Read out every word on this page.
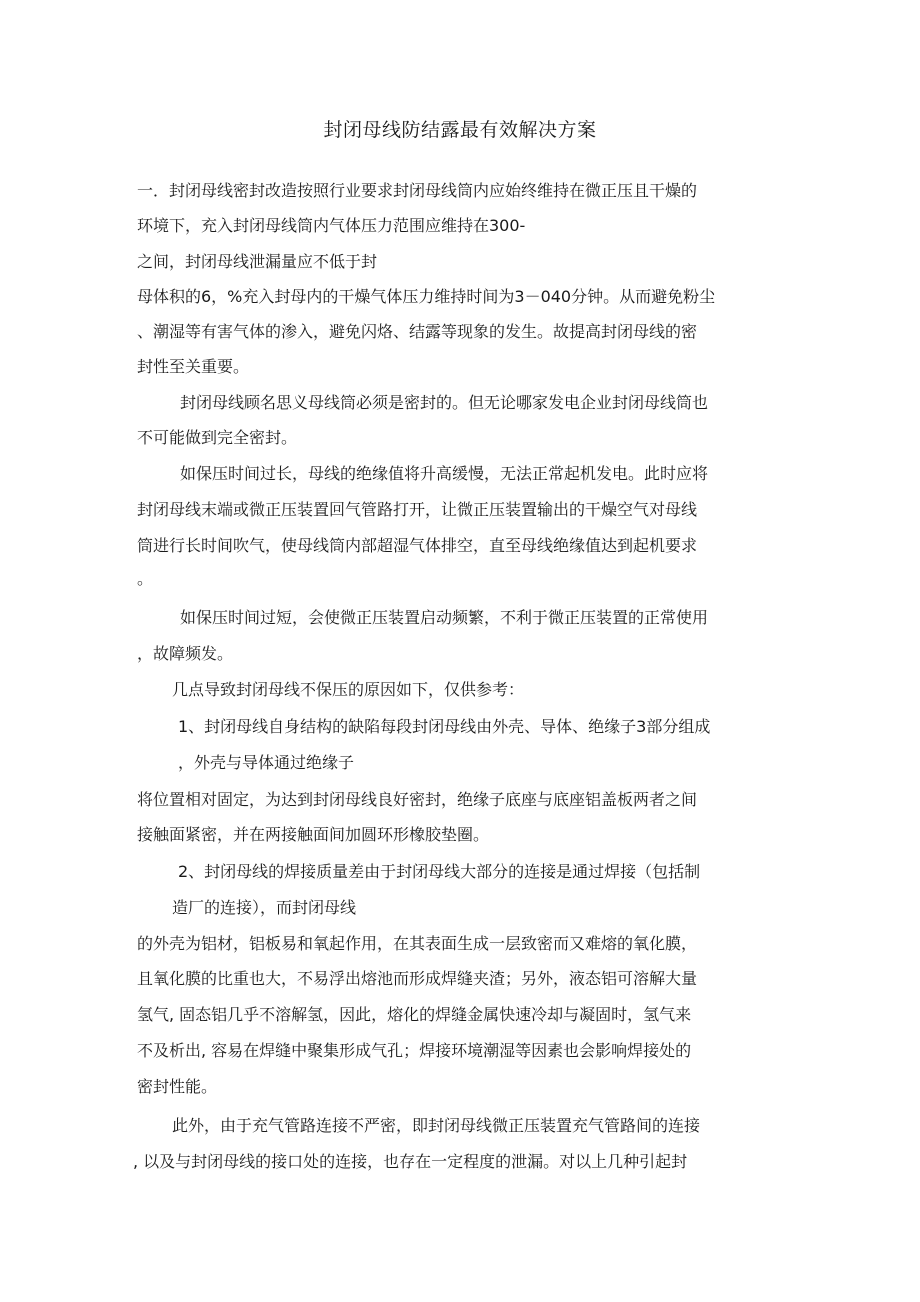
封闭母线防结露最有效解决方案
一．封闭母线密封改造按照行业要求封闭母线筒内应始终维持在微正压且干燥的
环境下，充入封闭母线筒内气体压力范围应维持在300-
之间，封闭母线泄漏量应不低于封
母体积的6，%充入封母内的干燥气体压力维持时间为3－040分钟。从而避免粉尘
、潮湿等有害气体的渗入，避免闪烙、结露等现象的发生。故提高封闭母线的密
封性至关重要。
封闭母线顾名思义母线筒必须是密封的。但无论哪家发电企业封闭母线筒也
不可能做到完全密封。
如保压时间过长，母线的绝缘值将升高缓慢，无法正常起机发电。此时应将
封闭母线末端或微正压装置回气管路打开，让微正压装置输出的干燥空气对母线
筒进行长时间吹气，使母线筒内部超湿气体排空，直至母线绝缘值达到起机要求
。
如保压时间过短，会使微正压装置启动频繁，不利于微正压装置的正常使用
，故障频发。
几点导致封闭母线不保压的原因如下，仅供参考：
1、封闭母线自身结构的缺陷每段封闭母线由外壳、导体、绝缘子3部分组成
，外壳与导体通过绝缘子
将位置相对固定，为达到封闭母线良好密封，绝缘子底座与底座铝盖板两者之间
接触面紧密，并在两接触面间加圆环形橡胶垫圈。
2、封闭母线的焊接质量差由于封闭母线大部分的连接是通过焊接（包括制
造厂的连接），而封闭母线
的外壳为铝材，铝板易和氧起作用，在其表面生成一层致密而又难熔的氧化膜，
且氧化膜的比重也大，不易浮出熔池而形成焊缝夹渣；另外，液态铝可溶解大量
氢气, 固态铝几乎不溶解氢，因此，熔化的焊缝金属快速冷却与凝固时，氢气来
不及析出, 容易在焊缝中聚集形成气孔；焊接环境潮湿等因素也会影响焊接处的
密封性能。
此外，由于充气管路连接不严密，即封闭母线微正压装置充气管路间的连接
, 以及与封闭母线的接口处的连接，也存在一定程度的泄漏。对以上几种引起封
